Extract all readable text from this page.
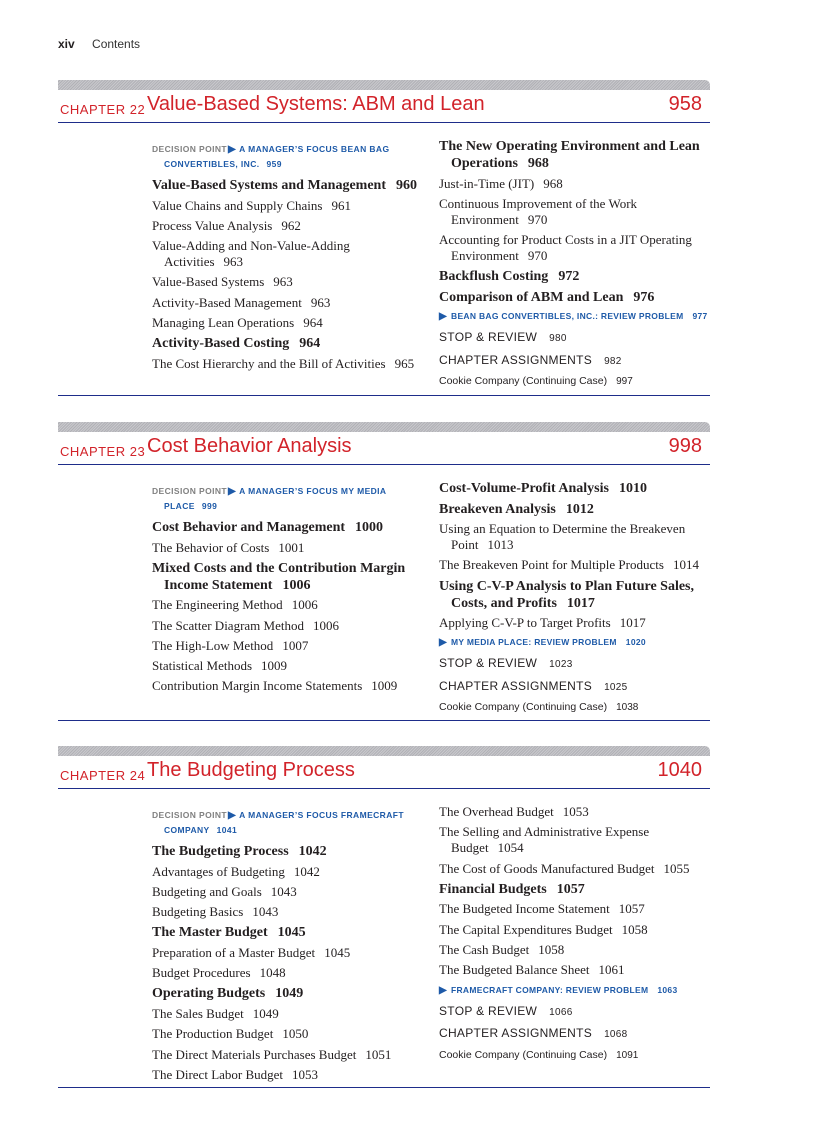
xiv Contents
CHAPTER 22 Value-Based Systems: ABM and Lean	958
DECISION POINT▶ A MANAGER’S FOCUS BEAN BAG CONVERTIBLES, INC. 959
Value-Based Systems and Management 960
Value Chains and Supply Chains 961
Process Value Analysis 962
Value-Adding and Non-Value-Adding Activities 963
Value-Based Systems 963
Activity-Based Management 963
Managing Lean Operations 964
Activity-Based Costing 964
The Cost Hierarchy and the Bill of Activities 965
The New Operating Environment and Lean Operations 968
Just-in-Time (JIT) 968
Continuous Improvement of the Work Environment 970
Accounting for Product Costs in a JIT Operating Environment 970
Backflush Costing 972
Comparison of ABM and Lean 976
▶ BEAN BAG CONVERTIBLES, INC.: REVIEW PROBLEM 977
STOP & REVIEW 980
CHAPTER ASSIGNMENTS 982
Cookie Company (Continuing Case) 997
CHAPTER 23 Cost Behavior Analysis	998
DECISION POINT▶ A MANAGER’S FOCUS MY MEDIA PLACE 999
Cost Behavior and Management 1000
The Behavior of Costs 1001
Mixed Costs and the Contribution Margin Income Statement 1006
The Engineering Method 1006
The Scatter Diagram Method 1006
The High-Low Method 1007
Statistical Methods 1009
Contribution Margin Income Statements 1009
Cost-Volume-Profit Analysis 1010
Breakeven Analysis 1012
Using an Equation to Determine the Breakeven Point 1013
The Breakeven Point for Multiple Products 1014
Using C-V-P Analysis to Plan Future Sales, Costs, and Profits 1017
Applying C-V-P to Target Profits 1017
▶ MY MEDIA PLACE: REVIEW PROBLEM 1020
STOP & REVIEW 1023
CHAPTER ASSIGNMENTS 1025
Cookie Company (Continuing Case) 1038
CHAPTER 24 The Budgeting Process	1040
DECISION POINT▶ A MANAGER’S FOCUS FRAMECRAFT COMPANY 1041
The Budgeting Process 1042
Advantages of Budgeting 1042
Budgeting and Goals 1043
Budgeting Basics 1043
The Master Budget 1045
Preparation of a Master Budget 1045
Budget Procedures 1048
Operating Budgets 1049
The Sales Budget 1049
The Production Budget 1050
The Direct Materials Purchases Budget 1051
The Direct Labor Budget 1053
The Overhead Budget 1053
The Selling and Administrative Expense Budget 1054
The Cost of Goods Manufactured Budget 1055
Financial Budgets 1057
The Budgeted Income Statement 1057
The Capital Expenditures Budget 1058
The Cash Budget 1058
The Budgeted Balance Sheet 1061
▶ FRAMECRAFT COMPANY: REVIEW PROBLEM 1063
STOP & REVIEW 1066
CHAPTER ASSIGNMENTS 1068
Cookie Company (Continuing Case) 1091
